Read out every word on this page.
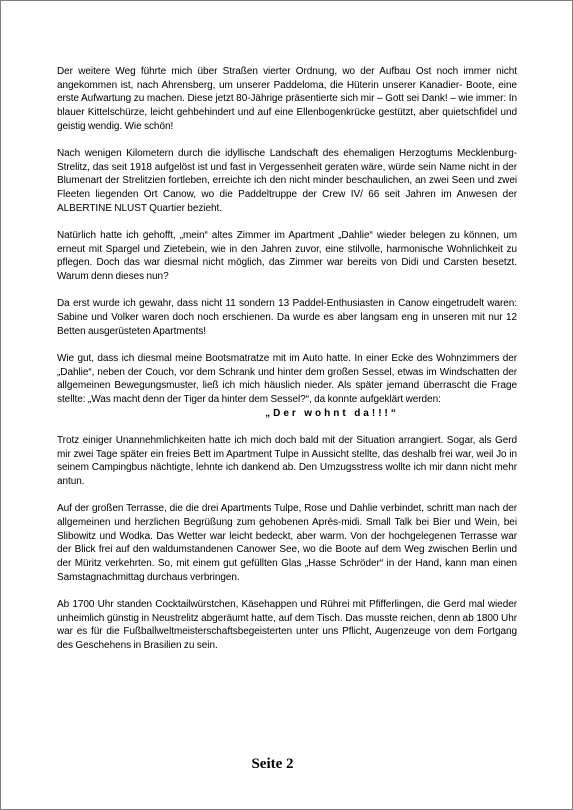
Der weitere Weg führte mich über Straßen vierter Ordnung, wo der Aufbau Ost noch immer nicht angekommen ist, nach Ahrensberg, um unserer Paddeloma, die Hüterin unserer Kanadier- Boote, eine erste Aufwartung zu machen. Diese jetzt 80-Jährige präsentierte sich mir – Gott sei Dank! – wie immer: In blauer Kittelschürze, leicht gehbehindert und auf eine Ellenbogenkrücke gestützt, aber quietschfidel und geistig wendig. Wie schön!

Nach wenigen Kilometern durch die idyllische Landschaft des ehemaligen Herzogtums Mecklenburg-Strelitz, das seit 1918 aufgelöst ist und fast in Vergessenheit geraten wäre, würde sein Name nicht in der Blumenart der Strelitzien fortleben, erreichte ich den nicht minder beschaulichen, an zwei Seen und zwei Fleeten liegenden Ort Canow, wo die Paddeltruppe der Crew IV/ 66 seit Jahren im Anwesen der ALBERTINE NLUST Quartier bezieht.

Natürlich hatte ich gehofft, „mein“ altes Zimmer im Apartment „Dahlie“ wieder belegen zu können, um erneut mit Spargel und Zietebein, wie in den Jahren zuvor, eine stilvolle, harmonische Wohnlichkeit zu pflegen. Doch das war diesmal nicht möglich, das Zimmer war bereits von Didi und Carsten besetzt. Warum denn dieses nun?

Da erst wurde ich gewahr, dass nicht 11 sondern 13 Paddel-Enthusiasten in Canow eingetrudelt waren: Sabine und Volker waren doch noch erschienen. Da wurde es aber langsam eng in unseren mit nur 12 Betten ausgerüsteten Apartments!

Wie gut, dass ich diesmal meine Bootsmatratze mit im Auto hatte. In einer Ecke des Wohnzimmers der „Dahlie“, neben der Couch, vor dem Schrank und hinter dem großen Sessel, etwas im Windschatten der allgemeinen Bewegungsmuster, ließ ich mich häuslich nieder. Als später jemand überrascht die Frage stellte: „Was macht denn der Tiger da hinter dem Sessel?“, da konnte aufgeklärt werden:

„Der wohnt da!!!“

Trotz einiger Unannehmlichkeiten hatte ich mich doch bald mit der Situation arrangiert. Sogar, als Gerd mir zwei Tage später ein freies Bett im Apartment Tulpe in Aussicht stellte, das deshalb frei war, weil Jo in seinem Campingbus nächtigte, lehnte ich dankend ab. Den Umzugsstress wollte ich mir dann nicht mehr antun.

Auf der großen Terrasse, die die drei Apartments Tulpe, Rose und Dahlie verbindet, schritt man nach der allgemeinen und herzlichen Begrüßung zum gehobenen Après-midi. Small Talk bei Bier und Wein, bei Slibowitz und Wodka. Das Wetter war leicht bedeckt, aber warm. Von der hochgelegenen Terrasse war der Blick frei auf den waldumstandenen Canower See, wo die Boote auf dem Weg zwischen Berlin und der Müritz verkehrten. So, mit einem gut gefüllten Glas „Hasse Schröder“ in der Hand, kann man einen Samstagnachmittag durchaus verbringen.

Ab 1700 Uhr standen Cocktailwürstchen, Käsehappen und Rührei mit Pfifferlingen, die Gerd mal wieder unheimlich günstig in Neustrelitz abgeräumt hatte, auf dem Tisch. Das musste reichen, denn ab 1800 Uhr war es für die Fußballweltmeisterschaftsbegeisterten unter uns Pflicht, Augenzeuge von dem Fortgang des Geschehens in Brasilien zu sein.

Seite 2
